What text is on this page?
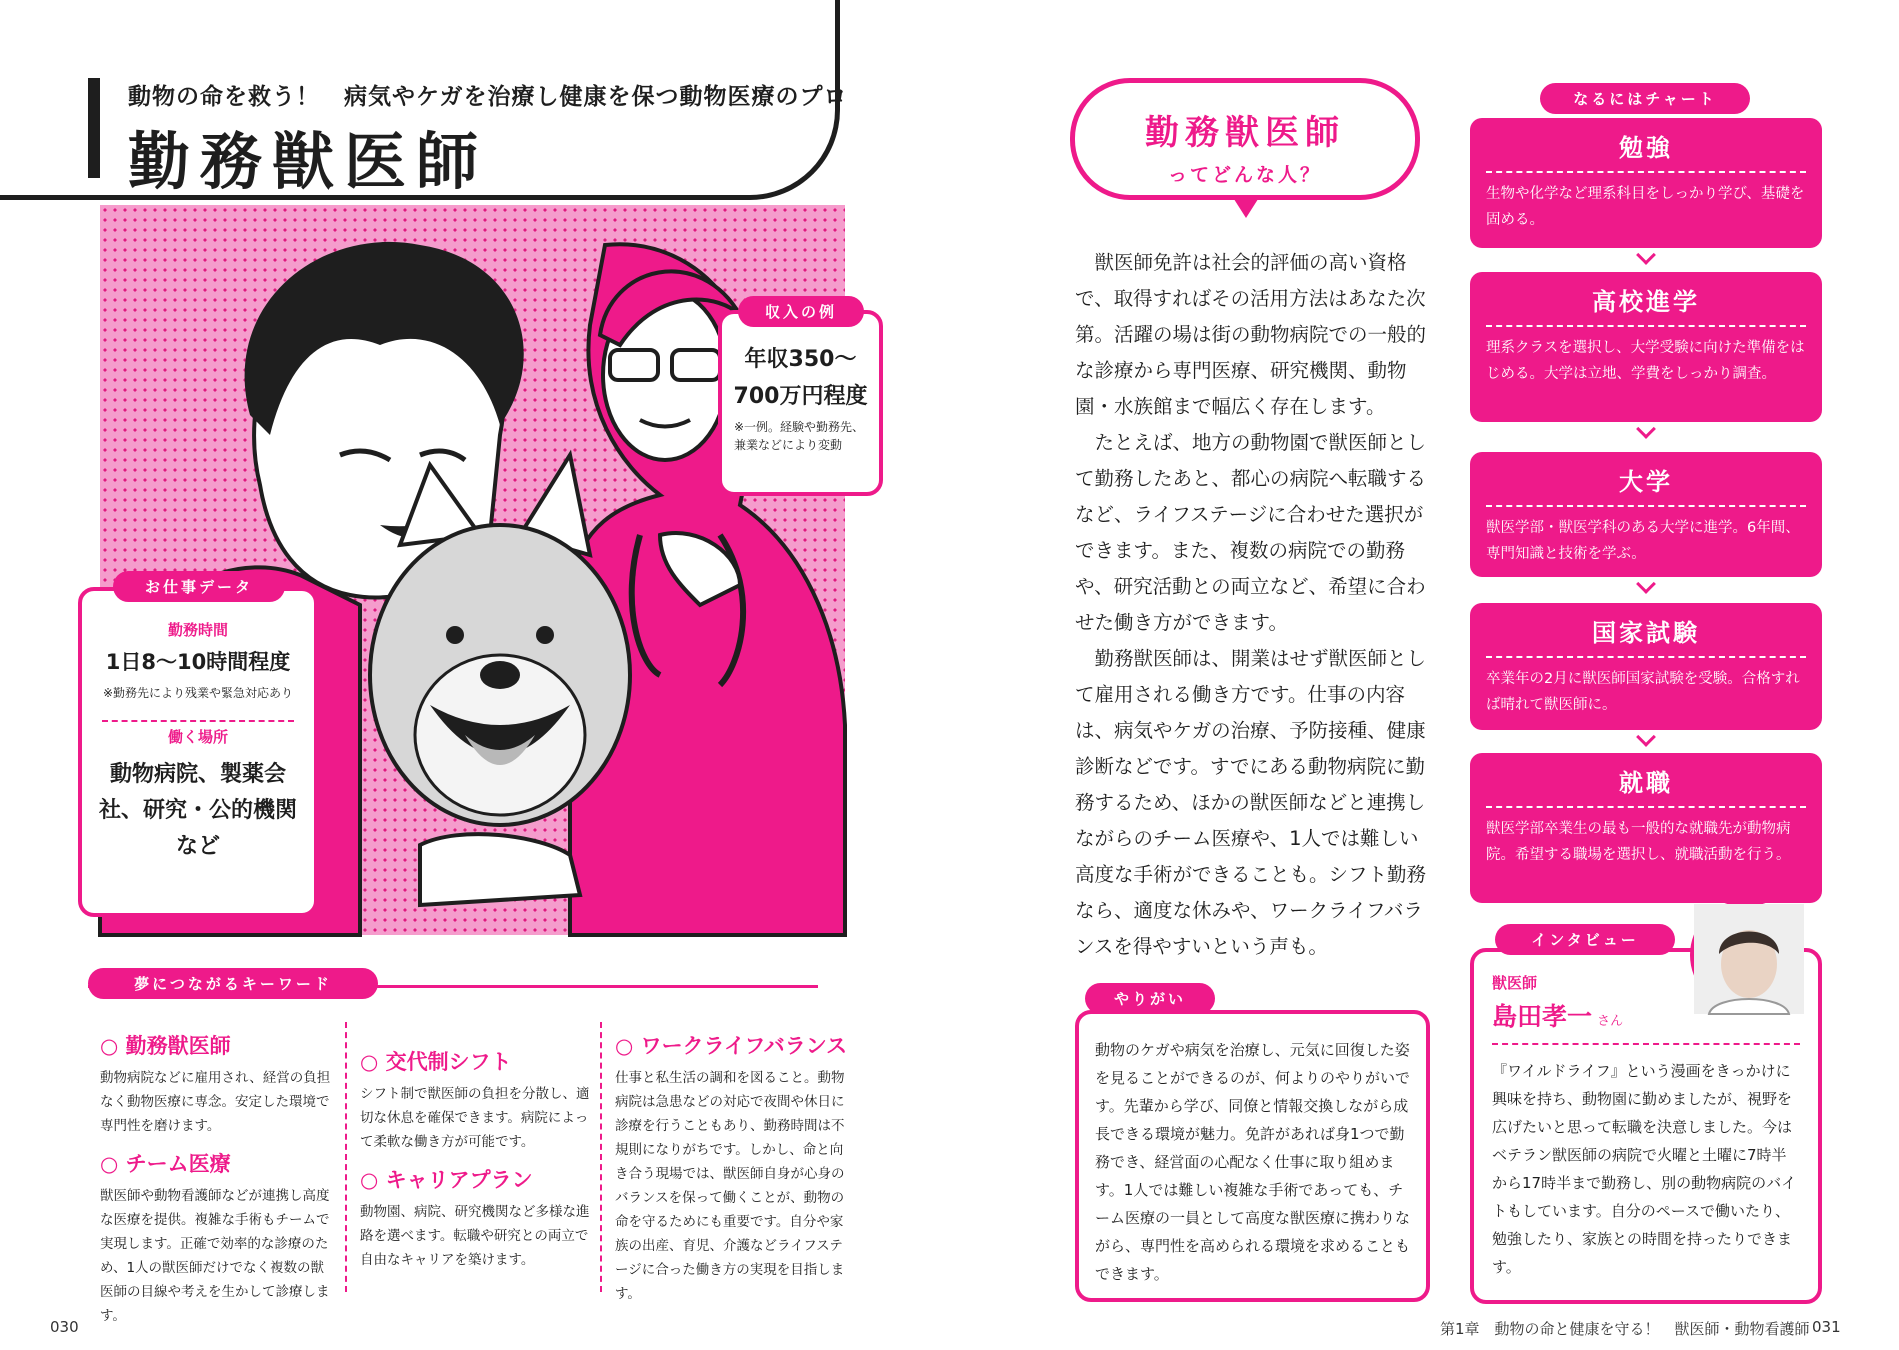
動物の命を救う！　病気やケガを治療し健康を保つ動物医療のプロ
勤務獣医師
収入の例
年収350～
700万円程度
※一例。経験や勤務先、兼業などにより変動
お仕事データ
勤務時間
1日8～10時間程度
※勤務先により残業や緊急対応あり
働く場所
動物病院、製薬会社、研究・公的機関など
夢につながるキーワード
○ 勤務獣医師
動物病院などに雇用され、経営の負担なく動物医療に専念。安定した環境で専門性を磨けます。
○ チーム医療
獣医師や動物看護師などが連携し高度な医療を提供。複雑な手術もチームで実現します。正確で効率的な診療のため、1人の獣医師だけでなく複数の獣医師の目線や考えを生かして診療します。
○ 交代制シフト
シフト制で獣医師の負担を分散し、適切な休息を確保できます。病院によって柔軟な働き方が可能です。
○ キャリアプラン
動物園、病院、研究機関など多様な進路を選べます。転職や研究との両立で自由なキャリアを築けます。
○ ワークライフバランス
仕事と私生活の調和を図ること。動物病院は急患などの対応で夜間や休日に診療を行うこともあり、勤務時間は不規則になりがちです。しかし、命と向き合う現場では、獣医師自身が心身のバランスを保って働くことが、動物の命を守るためにも重要です。自分や家族の出産、育児、介護などライフステージに合った働き方の実現を目指します。
030
勤務獣医師
ってどんな人？

獣医師免許は社会的評価の高い資格で、取得すればその活用方法はあなた次第。活躍の場は街の動物病院での一般的な診療から専門医療、研究機関、動物園・水族館まで幅広く存在します。

たとえば、地方の動物園で獣医師として勤務したあと、都心の病院へ転職するなど、ライフステージに合わせた選択ができます。また、複数の病院での勤務や、研究活動との両立など、希望に合わせた働き方ができます。

勤務獣医師は、開業はせず獣医師として雇用される働き方です。仕事の内容は、病気やケガの治療、予防接種、健康診断などです。すでにある動物病院に勤務するため、ほかの獣医師などと連携しながらのチーム医療や、1人では難しい高度な手術ができることも。シフト勤務なら、適度な休みや、ワークライフバランスを得やすいという声も。

やりがい
動物のケガや病気を治療し、元気に回復した姿を見ることができるのが、何よりのやりがいです。先輩から学び、同僚と情報交換しながら成長できる環境が魅力。免許があれば身1つで勤務でき、経営面の心配なく仕事に取り組めます。1人では難しい複雑な手術であっても、チーム医療の一員として高度な獣医療に携わりながら、専門性を高められる環境を求めることもできます。
なるにはチャート
勉強
生物や化学など理系科目をしっかり学び、基礎を固める。
高校進学
理系クラスを選択し、大学受験に向けた準備をはじめる。大学は立地、学費をしっかり調査。
大学
獣医学部・獣医学科のある大学に進学。6年間、専門知識と技術を学ぶ。
国家試験
卒業年の2月に獣医師国家試験を受験。合格すれば晴れて獣医師に。
就職
獣医学部卒業生の最も一般的な就職先が動物病院。希望する職場を選択し、就職活動を行う。
インタビュー
獣医師
島田孝一 さん
『ワイルドライフ』という漫画をきっかけに興味を持ち、動物園に勤めましたが、視野を広げたいと思って転職を決意しました。今はベテラン獣医師の病院で火曜と土曜に7時半から17時半まで勤務し、別の動物病院のバイトもしています。自分のペースで働いたり、勉強したり、家族との時間を持ったりできます。
第1章　動物の命と健康を守る！　獣医師・動物看護師 031
